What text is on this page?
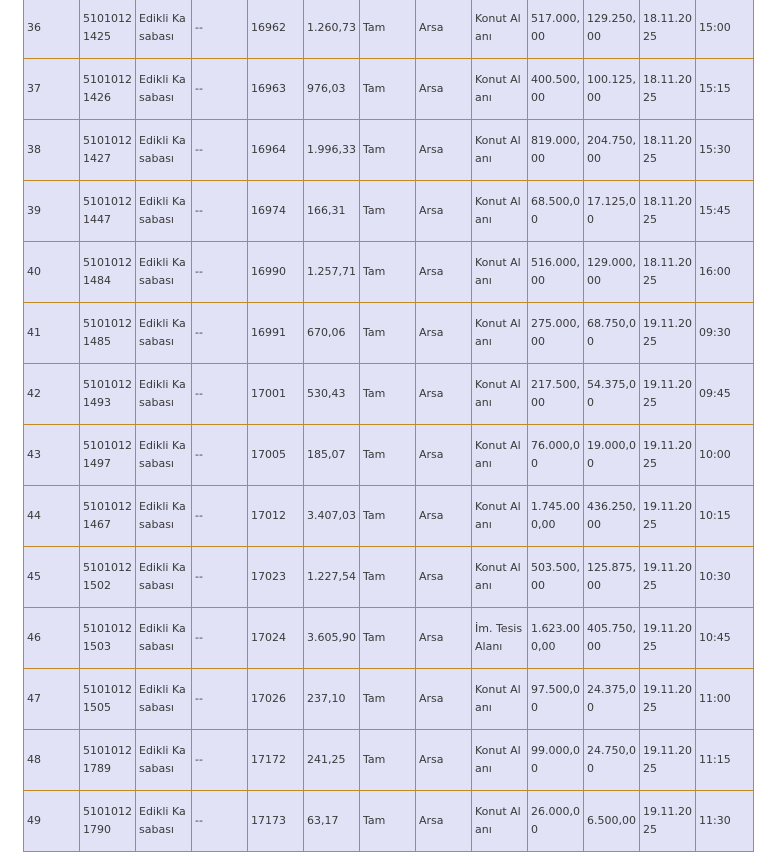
36	51010121425	Edikli Kasabası	--	16962	1.260,73	Tam	Arsa	Konut Alanı	517.000,00	129.250,00	18.11.2025	15:00
37	51010121426	Edikli Kasabası	--	16963	976,03	Tam	Arsa	Konut Alanı	400.500,00	100.125,00	18.11.2025	15:15
38	51010121427	Edikli Kasabası	--	16964	1.996,33	Tam	Arsa	Konut Alanı	819.000,00	204.750,00	18.11.2025	15:30
39	51010121447	Edikli Kasabası	--	16974	166,31	Tam	Arsa	Konut Alanı	68.500,00	17.125,00	18.11.2025	15:45
40	51010121484	Edikli Kasabası	--	16990	1.257,71	Tam	Arsa	Konut Alanı	516.000,00	129.000,00	18.11.2025	16:00
41	51010121485	Edikli Kasabası	--	16991	670,06	Tam	Arsa	Konut Alanı	275.000,00	68.750,00	19.11.2025	09:30
42	51010121493	Edikli Kasabası	--	17001	530,43	Tam	Arsa	Konut Alanı	217.500,00	54.375,00	19.11.2025	09:45
43	51010121497	Edikli Kasabası	--	17005	185,07	Tam	Arsa	Konut Alanı	76.000,00	19.000,00	19.11.2025	10:00
44	51010121467	Edikli Kasabası	--	17012	3.407,03	Tam	Arsa	Konut Alanı	1.745.000,00	436.250,00	19.11.2025	10:15
45	51010121502	Edikli Kasabası	--	17023	1.227,54	Tam	Arsa	Konut Alanı	503.500,00	125.875,00	19.11.2025	10:30
46	51010121503	Edikli Kasabası	--	17024	3.605,90	Tam	Arsa	İm. Tesis Alanı	1.623.000,00	405.750,00	19.11.2025	10:45
47	51010121505	Edikli Kasabası	--	17026	237,10	Tam	Arsa	Konut Alanı	97.500,00	24.375,00	19.11.2025	11:00
48	51010121789	Edikli Kasabası	--	17172	241,25	Tam	Arsa	Konut Alanı	99.000,00	24.750,00	19.11.2025	11:15
49	51010121790	Edikli Kasabası	--	17173	63,17	Tam	Arsa	Konut Alanı	26.000,00	6.500,00	19.11.2025	11:30
